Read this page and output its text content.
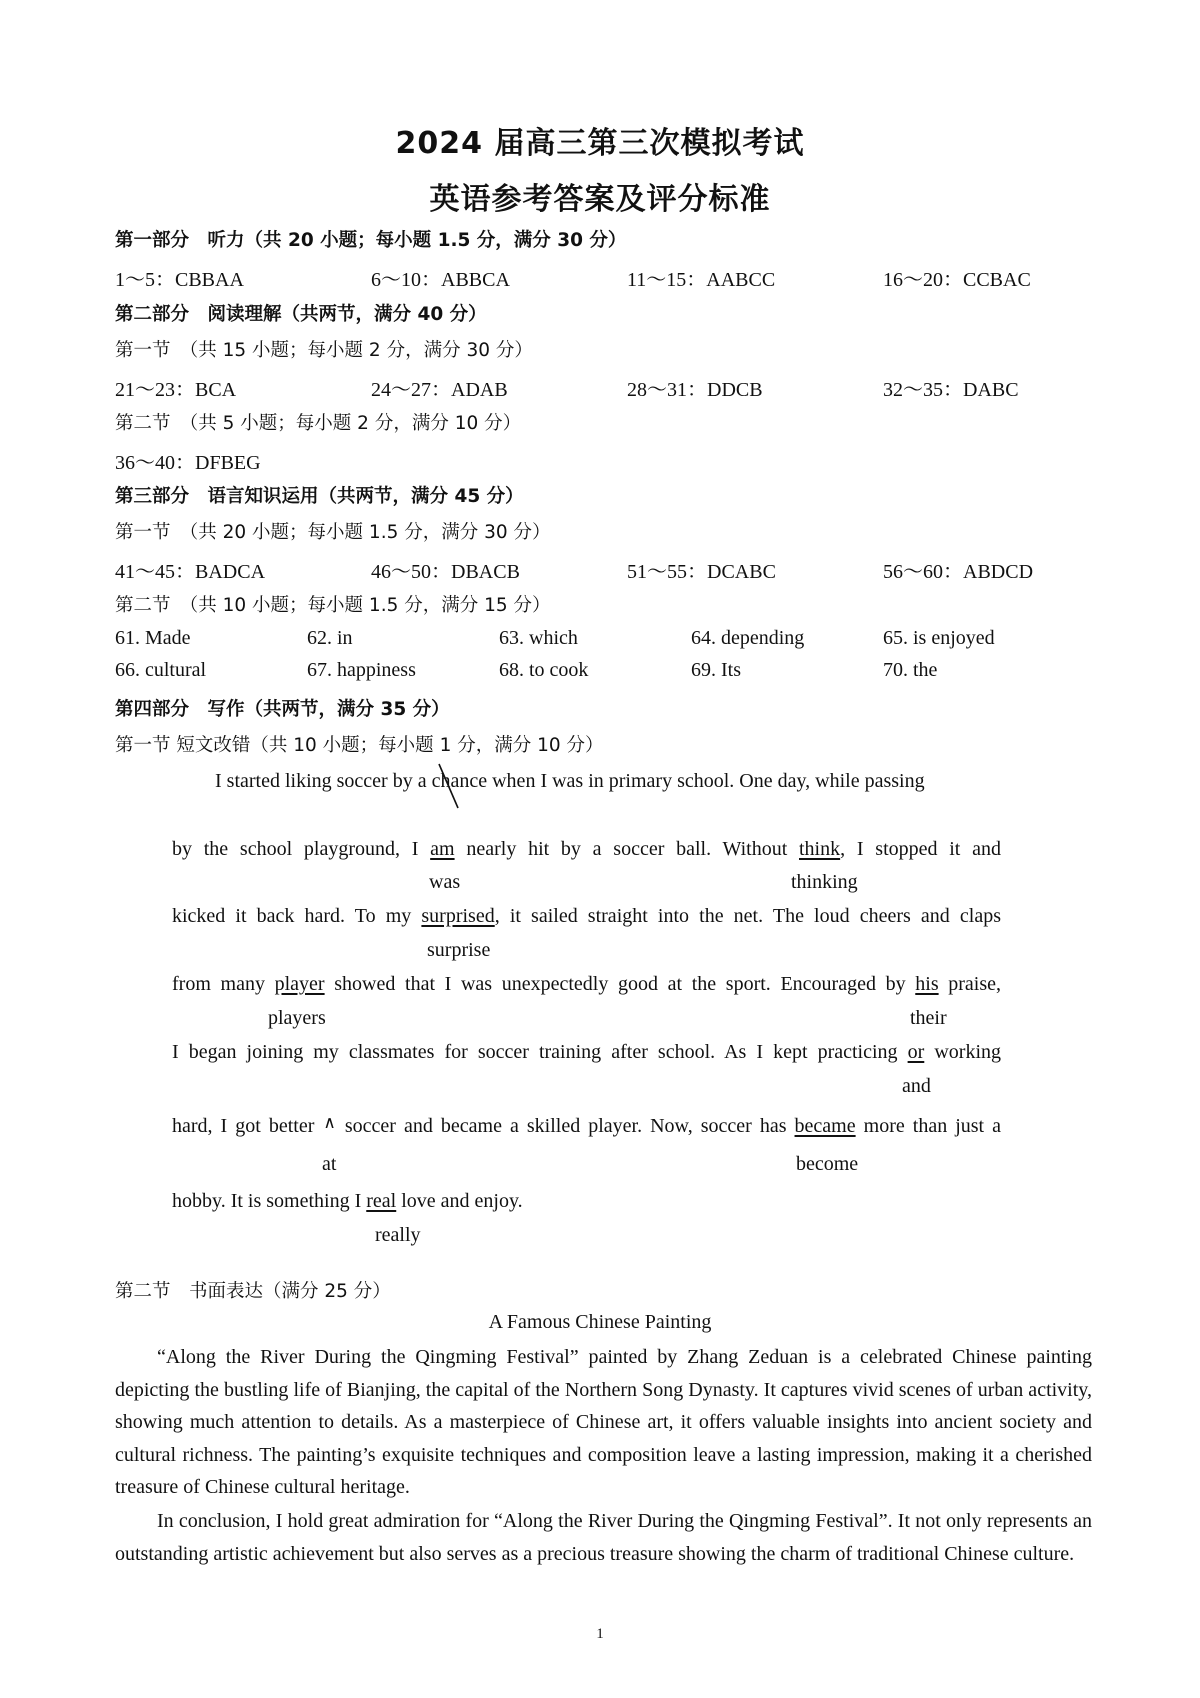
2024 届高三第三次模拟考试
英语参考答案及评分标准
第一部分　听力（共 20 小题；每小题 1.5 分，满分 30 分）
1～5：CBBAA	6～10：ABBCA	11～15：AABCC	16～20：CCBAC
第二部分　阅读理解（共两节，满分 40 分）
第一节　（共 15 小题；每小题 2 分，满分 30 分）
21～23：BCA	24～27：ADAB	28～31：DDCB	32～35：DABC
第二节　（共 5 小题；每小题 2 分，满分 10 分）
36～40：DFBEG
第三部分　语言知识运用（共两节，满分 45 分）
第一节　（共 20 小题；每小题 1.5 分，满分 30 分）
41～45：BADCA	46～50：DBACB	51～55：DCABC	56～60：ABDCD
第二节　（共 10 小题；每小题 1.5 分，满分 15 分）
61. Made	62. in	63. which	64. depending	65. is enjoyed
66. cultural	67. happiness	68. to cook	69. Its	70. the
第四部分　写作（共两节，满分 35 分）
第一节 短文改错（共 10 小题；每小题 1 分，满分 10 分）
I started liking soccer by a chance when I was in primary school. One day, while passing
by the school playground, I am nearly hit by a soccer ball. Without think, I stopped it and
was	thinking
kicked it back hard. To my surprised, it sailed straight into the net. The loud cheers and claps
surprise
from many player showed that I was unexpectedly good at the sport. Encouraged by his praise,
players	their
I began joining my classmates for soccer training after school. As I kept practicing or working
and
hard, I got better ∧ soccer and became a skilled player. Now, soccer has became more than just a
at	become
hobby. It is something I real love and enjoy.
really
第二节　书面表达（满分 25 分）

A Famous Chinese Painting

“Along the River During the Qingming Festival” painted by Zhang Zeduan is a celebrated Chinese painting depicting the bustling life of Bianjing, the capital of the Northern Song Dynasty. It captures vivid scenes of urban activity, showing much attention to details. As a masterpiece of Chinese art, it offers valuable insights into ancient society and cultural richness. The painting’s exquisite techniques and composition leave a lasting impression, making it a cherished treasure of Chinese cultural heritage.

In conclusion, I hold great admiration for “Along the River During the Qingming Festival”. It not only represents an outstanding artistic achievement but also serves as a precious treasure showing the charm of traditional Chinese culture.

1
